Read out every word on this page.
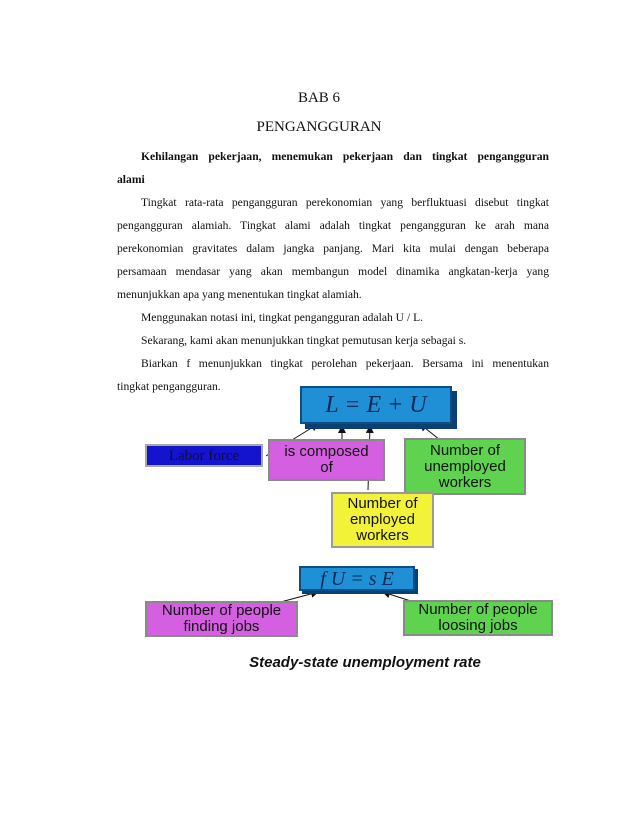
BAB 6
PENGANGGURAN
Kehilangan pekerjaan, menemukan pekerjaan dan tingkat pengangguran
alami
Tingkat rata-rata pengangguran perekonomian yang berfluktuasi disebut tingkat
pengangguran alamiah. Tingkat alami adalah tingkat pengangguran ke arah mana
perekonomian gravitates dalam jangka panjang. Mari kita mulai dengan beberapa
persamaan mendasar yang akan membangun model dinamika angkatan-kerja yang
menunjukkan apa yang menentukan tingkat alamiah.
Menggunakan notasi ini, tingkat pengangguran adalah U / L.
Sekarang, kami akan menunjukkan tingkat pemutusan kerja sebagai s.
Biarkan f menunjukkan tingkat perolehan pekerjaan. Bersama ini menentukan
tingkat pengangguran.
L = E + U
Labor force	is composed of
Number of unemployed workers
Number of employed workers
f U = s E
Number of people finding jobs
Number of people loosing jobs
Steady-state unemployment rate
